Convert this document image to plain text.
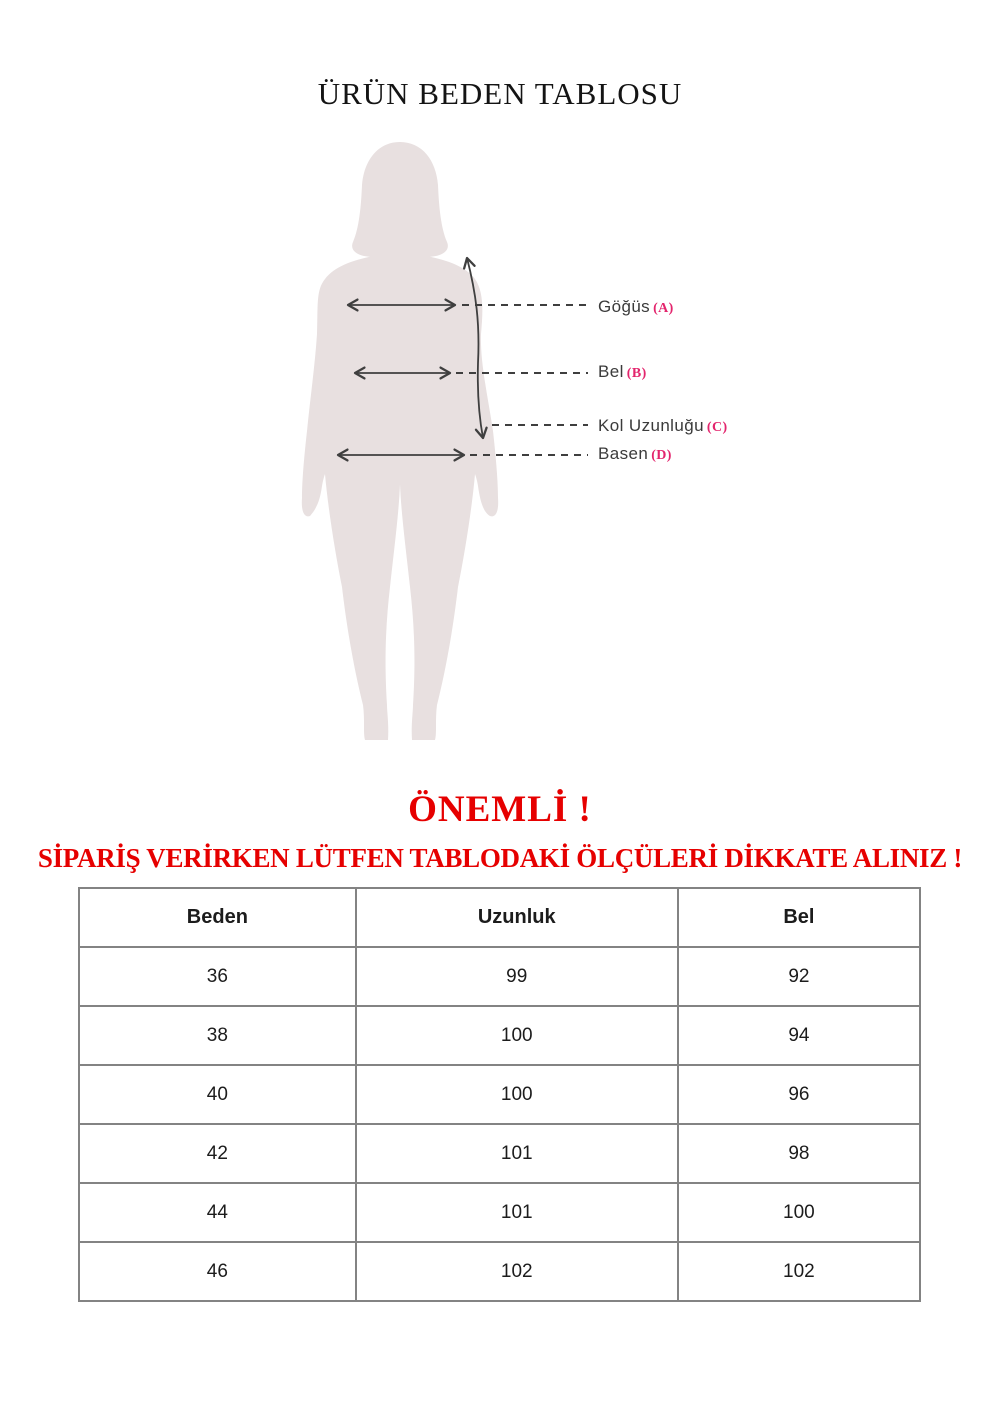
ÜRÜN BEDEN TABLOSU
Göğüs (A)
Bel (B)
Kol Uzunluğu (C)
Basen (D)

ÖNEMLİ !

SİPARİŞ VERİRKEN LÜTFEN TABLODAKİ ÖLÇÜLERİ DİKKATE ALINIZ !

Beden	Uzunluk	Bel
36	99	92
38	100	94
40	100	96
42	101	98
44	101	100
46	102	102
